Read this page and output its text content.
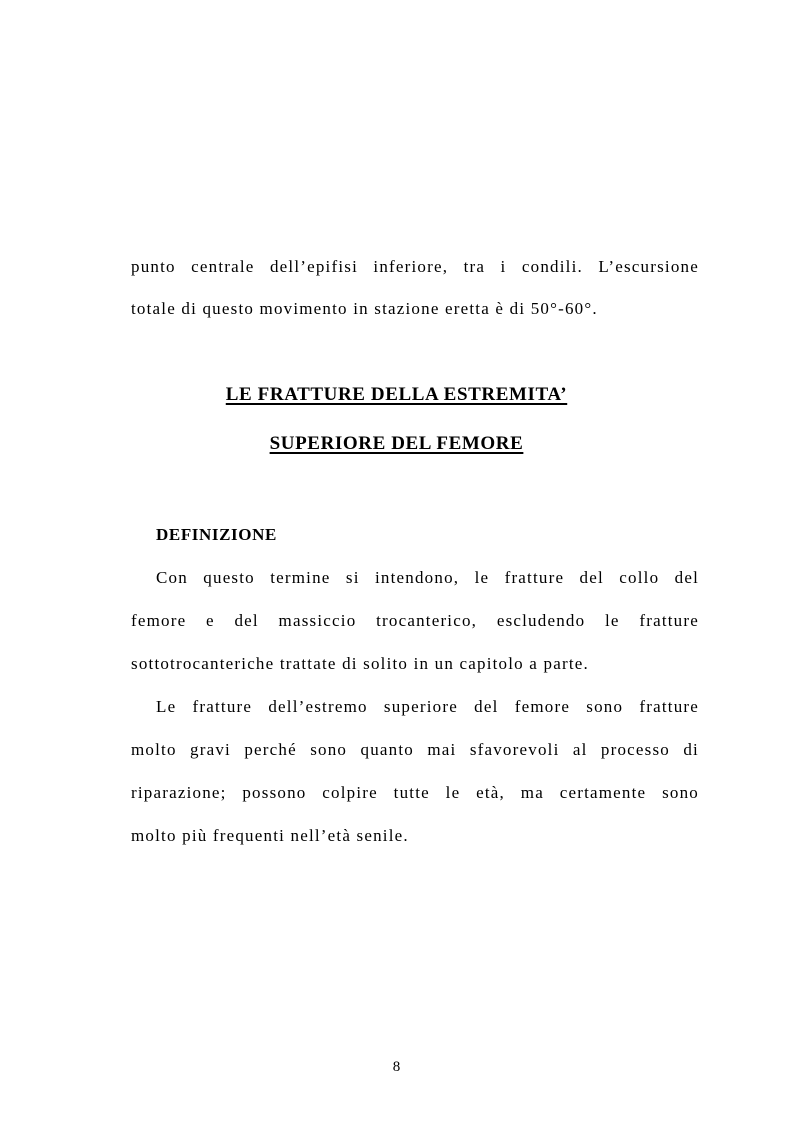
punto centrale dell’epifisi inferiore, tra i condili. L’escursione
totale di questo movimento in stazione eretta è di 50°-60°.
LE FRATTURE DELLA ESTREMITA’
SUPERIORE DEL FEMORE
DEFINIZIONE
Con questo termine si intendono, le fratture del collo del
femore e del massiccio trocanterico, escludendo le fratture
sottotrocanteriche trattate di solito in un capitolo a parte.
Le fratture dell’estremo superiore del femore sono fratture
molto gravi perché sono quanto mai sfavorevoli al processo di
riparazione; possono colpire tutte le età, ma certamente sono
molto più frequenti nell’età senile.
8
